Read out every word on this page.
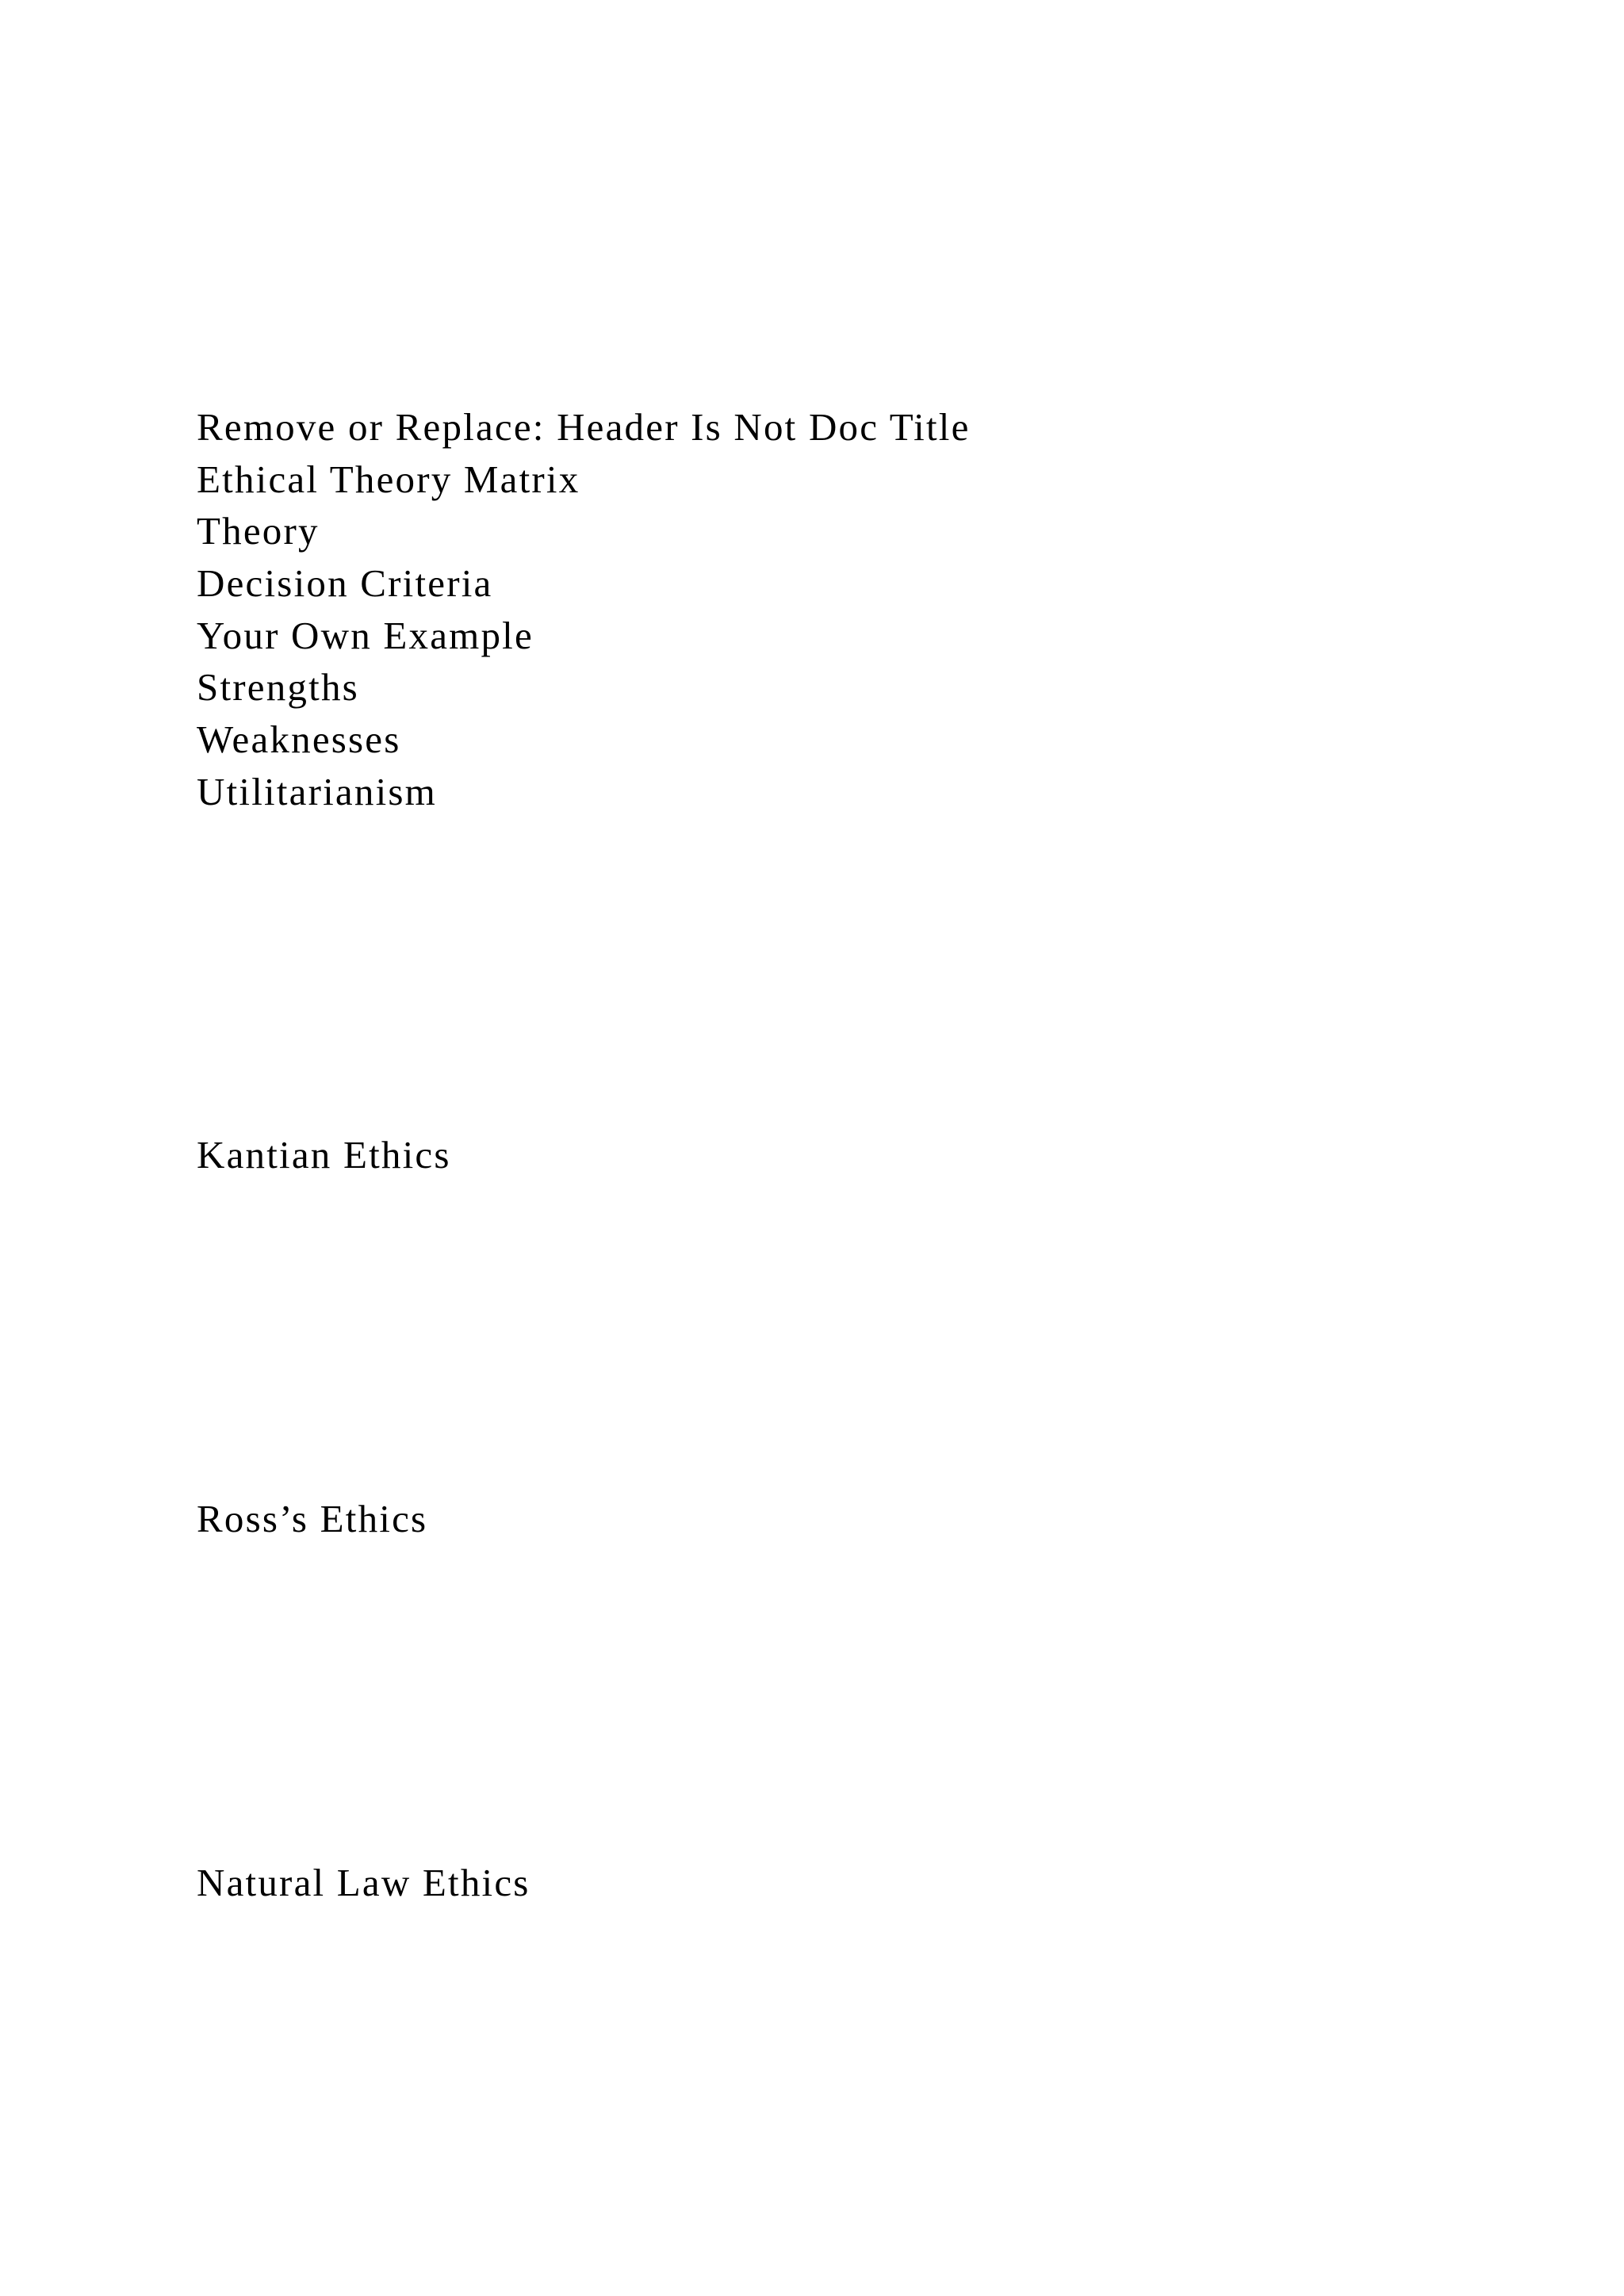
Remove or Replace: Header Is Not Doc Title
Ethical Theory Matrix
Theory
Decision Criteria
Your Own Example
Strengths
Weaknesses
Utilitarianism

Kantian Ethics

Ross’s Ethics

Natural Law Ethics
